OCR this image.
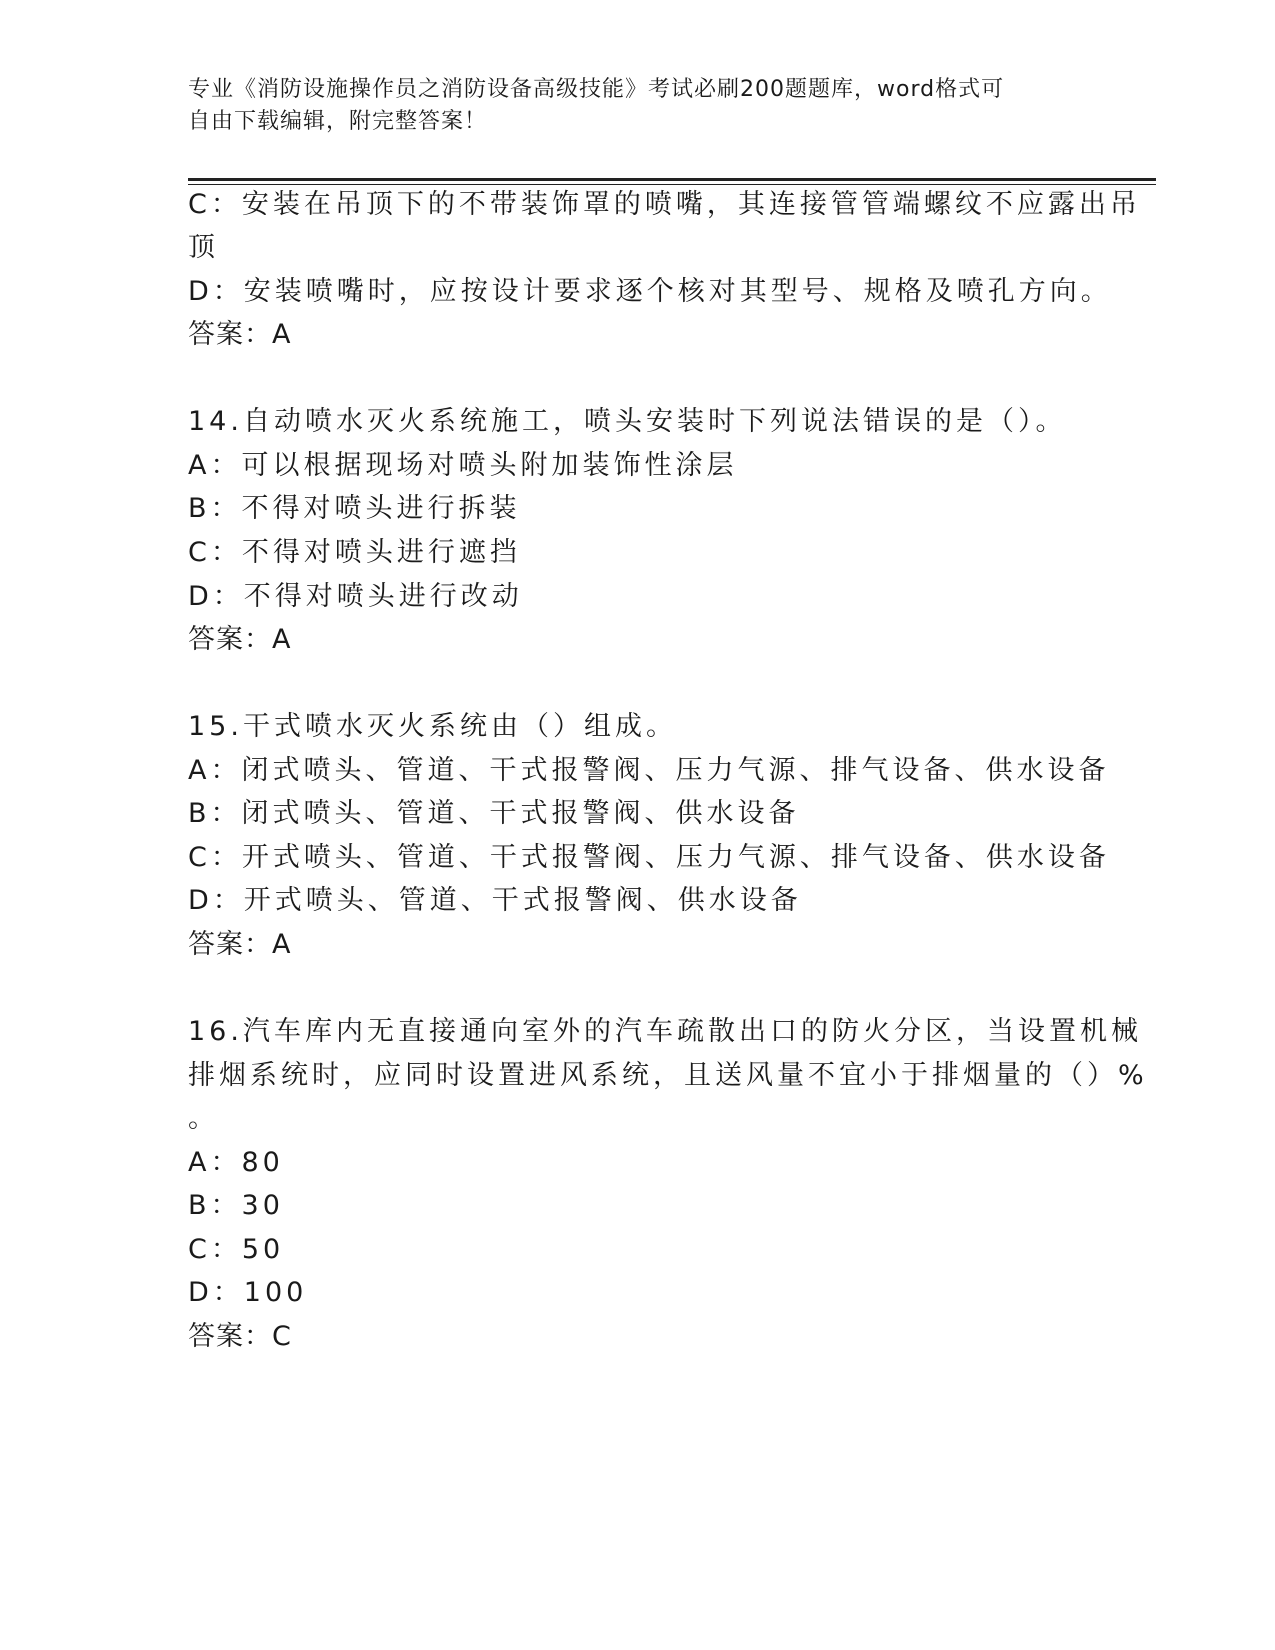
专业《消防设施操作员之消防设备高级技能》考试必刷200题题库，word格式可
自由下载编辑，附完整答案！
C：安装在吊顶下的不带装饰罩的喷嘴，其连接管管端螺纹不应露出吊
顶
D：安装喷嘴时，应按设计要求逐个核对其型号、规格及喷孔方向。
答案：A
14.自动喷水灭火系统施工，喷头安装时下列说法错误的是（）。
A：可以根据现场对喷头附加装饰性涂层
B：不得对喷头进行拆装
C：不得对喷头进行遮挡
D：不得对喷头进行改动
答案：A
15.干式喷水灭火系统由（）组成。
A：闭式喷头、管道、干式报警阀、压力气源、排气设备、供水设备
B：闭式喷头、管道、干式报警阀、供水设备
C：开式喷头、管道、干式报警阀、压力气源、排气设备、供水设备
D：开式喷头、管道、干式报警阀、供水设备
答案：A
16.汽车库内无直接通向室外的汽车疏散出口的防火分区，当设置机械
排烟系统时，应同时设置进风系统，且送风量不宜小于排烟量的（）%
。
A：80
B：30
C：50
D：100
答案：C
